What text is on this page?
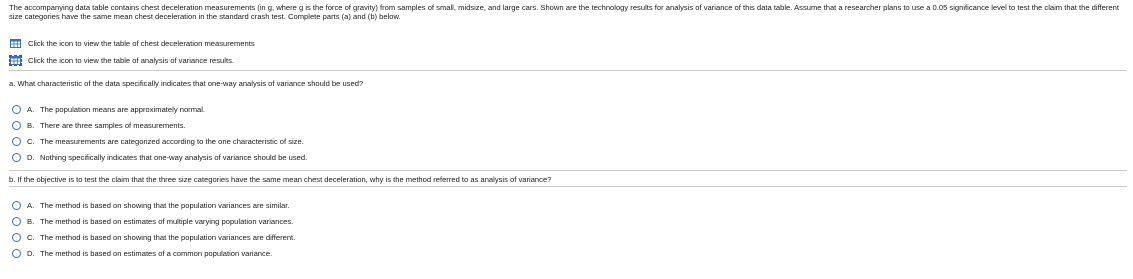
The accompanying data table contains chest deceleration measurements (in g, where g is the force of gravity) from samples of small, midsize, and large cars. Shown are the technology results for analysis of variance of this data table. Assume that a researcher plans to use a 0.05 significance level to test the claim that the different size categories have the same mean chest deceleration in the standard crash test. Complete parts (a) and (b) below.

Click the icon to view the table of chest deceleration measurements
Click the icon to view the table of analysis of variance results.

a. What characteristic of the data specifically indicates that one-way analysis of variance should be used?

A. The population means are approximately normal.
B. There are three samples of measurements.
C. The measurements are categorized according to the one characteristic of size.
D. Nothing specifically indicates that one-way analysis of variance should be used.

b. If the objective is to test the claim that the three size categories have the same mean chest deceleration, why is the method referred to as analysis of variance?

A. The method is based on showing that the population variances are similar.
B. The method is based on estimates of multiple varying population variances.
C. The method is based on showing that the population variances are different.
D. The method is based on estimates of a common population variance.
